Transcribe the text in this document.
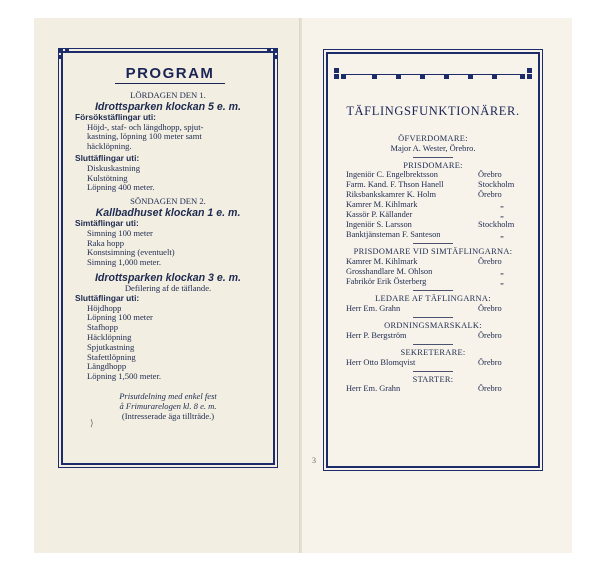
PROGRAM
LÖRDAGEN DEN 1.
Idrottsparken klockan 5 e. m.
Försökstäflingar uti:
Höjd-, staf- och längdhopp, spjut-
kastning, löpning 100 meter samt
häcklöpning.
Sluttäflingar uti:
Diskuskastning
Kulstötning
Löpning 400 meter.
SÖNDAGEN DEN 2.
Kallbadhuset klockan 1 e. m.
Simtäflingar uti:
Simning 100 meter
Raka hopp
Konstsimning (eventuelt)
Simning 1,000 meter.
Idrottsparken klockan 3 e. m.
Defilering af de täflande.
Sluttäflingar uti:
Höjdhopp
Löpning 100 meter
Stafhopp
Häcklöpning
Spjutkastning
Stafettlöpning
Längdhopp
Löpning 1,500 meter.
Prisutdelning med enkel fest
å Frimurarelogen kl. 8 e. m.
(Intresserade äga tillträde.)
⟩
TÄFLINGSFUNKTIONÄRER.
ÖFVERDOMARE:
Major A. Wester, Örebro.
PRISDOMARE:
Ingeniör C. Engelbrektsson	Örebro
Farm. Kand. F. Thson Hanell	Stockholm
Riksbankskamrer K. Holm	Örebro
Kamrer M. Kihlmark	„
Kassör P. Källander	„
Ingeniör S. Larsson	Stockholm
Banktjänsteman F. Santeson	„
PRISDOMARE VID SIMTÄFLINGARNA:
Kamrer M. Kihlmark	Örebro
Grosshandlare M. Ohlson	„
Fabrikör Erik Österberg	„
LEDARE AF TÄFLINGARNA:
Herr Em. Grahn	Örebro
ORDNINGSMARSKALK:
Herr P. Bergström	Örebro
SEKRETERARE:
Herr Otto Blomqvist	Örebro
STARTER:
Herr Em. Grahn	Örebro
3
